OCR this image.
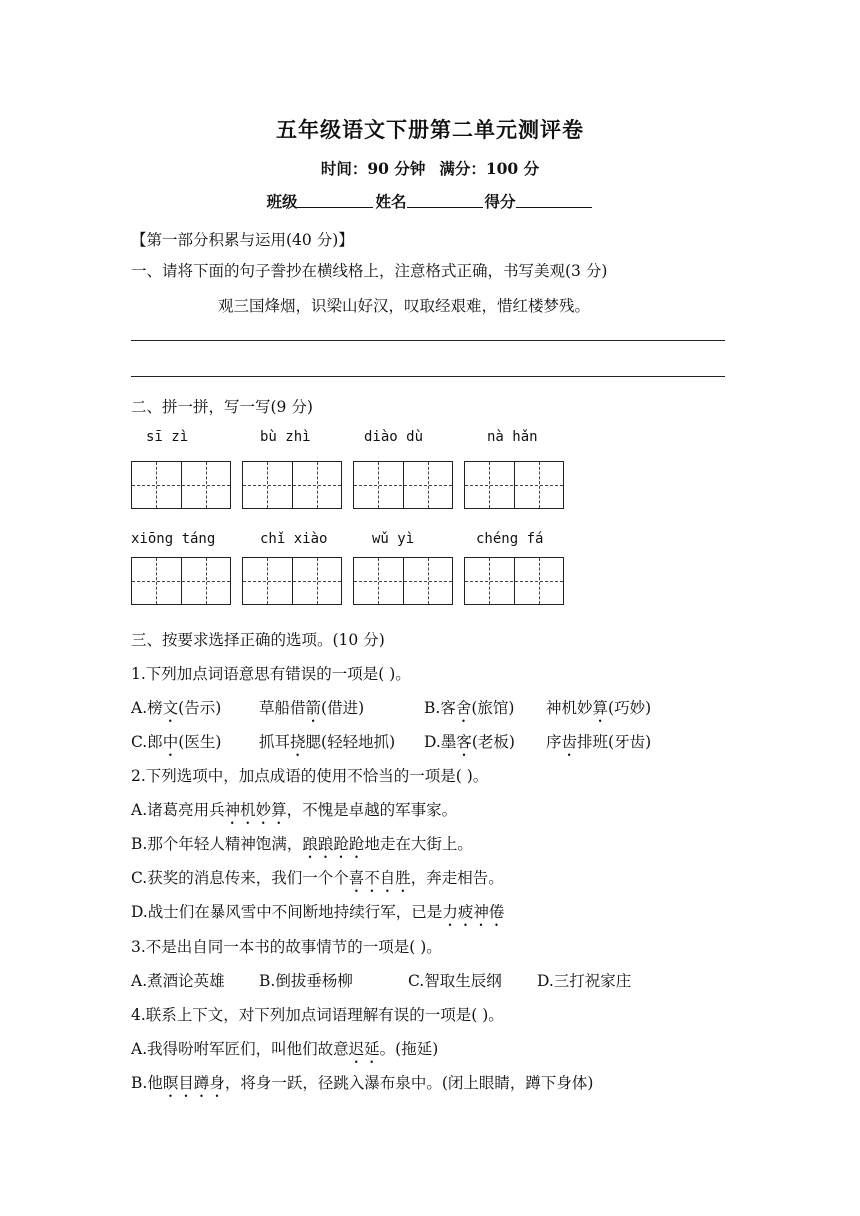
五年级语文下册第二单元测评卷
时间：90 分钟 满分：100 分
班级	姓名	得分
【第一部分积累与运用(40 分)】
一、请将下面的句子誊抄在横线格上，注意格式正确，书写美观(3 分)
观三国烽烟，识梁山好汉，叹取经艰难，惜红楼梦残。
二、拼一拼，写一写(9 分)
sī zì	bù zhì	diào dù	nà hǎn
xiōng táng	chǐ xiào	wǔ yì	chéng fá
三、按要求选择正确的选项。(10 分)
1.下列加点词语意思有错误的一项是( )。
A.榜文(告示) 草船借箭(借进)	B.客舍(旅馆) 神机妙算(巧妙)
C.郎中(医生) 抓耳挠腮(轻轻地抓) D.墨客(老板) 序齿排班(牙齿)
2.下列选项中，加点成语的使用不恰当的一项是( )。
A.诸葛亮用兵神机妙算，不愧是卓越的军事家。
B.那个年轻人精神饱满，踉踉跄跄地走在大街上。
C.获奖的消息传来，我们一个个喜不自胜，奔走相告。
D.战士们在暴风雪中不间断地持续行军，已是力疲神倦
3.不是出自同一本书的故事情节的一项是( )。
A.煮酒论英雄 B.倒拔垂杨柳	C.智取生辰纲 D.三打祝家庄
4.联系上下文，对下列加点词语理解有误的一项是( )。
A.我得吩咐军匠们，叫他们故意迟延。(拖延)
B.他瞑目蹲身，将身一跃，径跳入瀑布泉中。(闭上眼睛，蹲下身体)
